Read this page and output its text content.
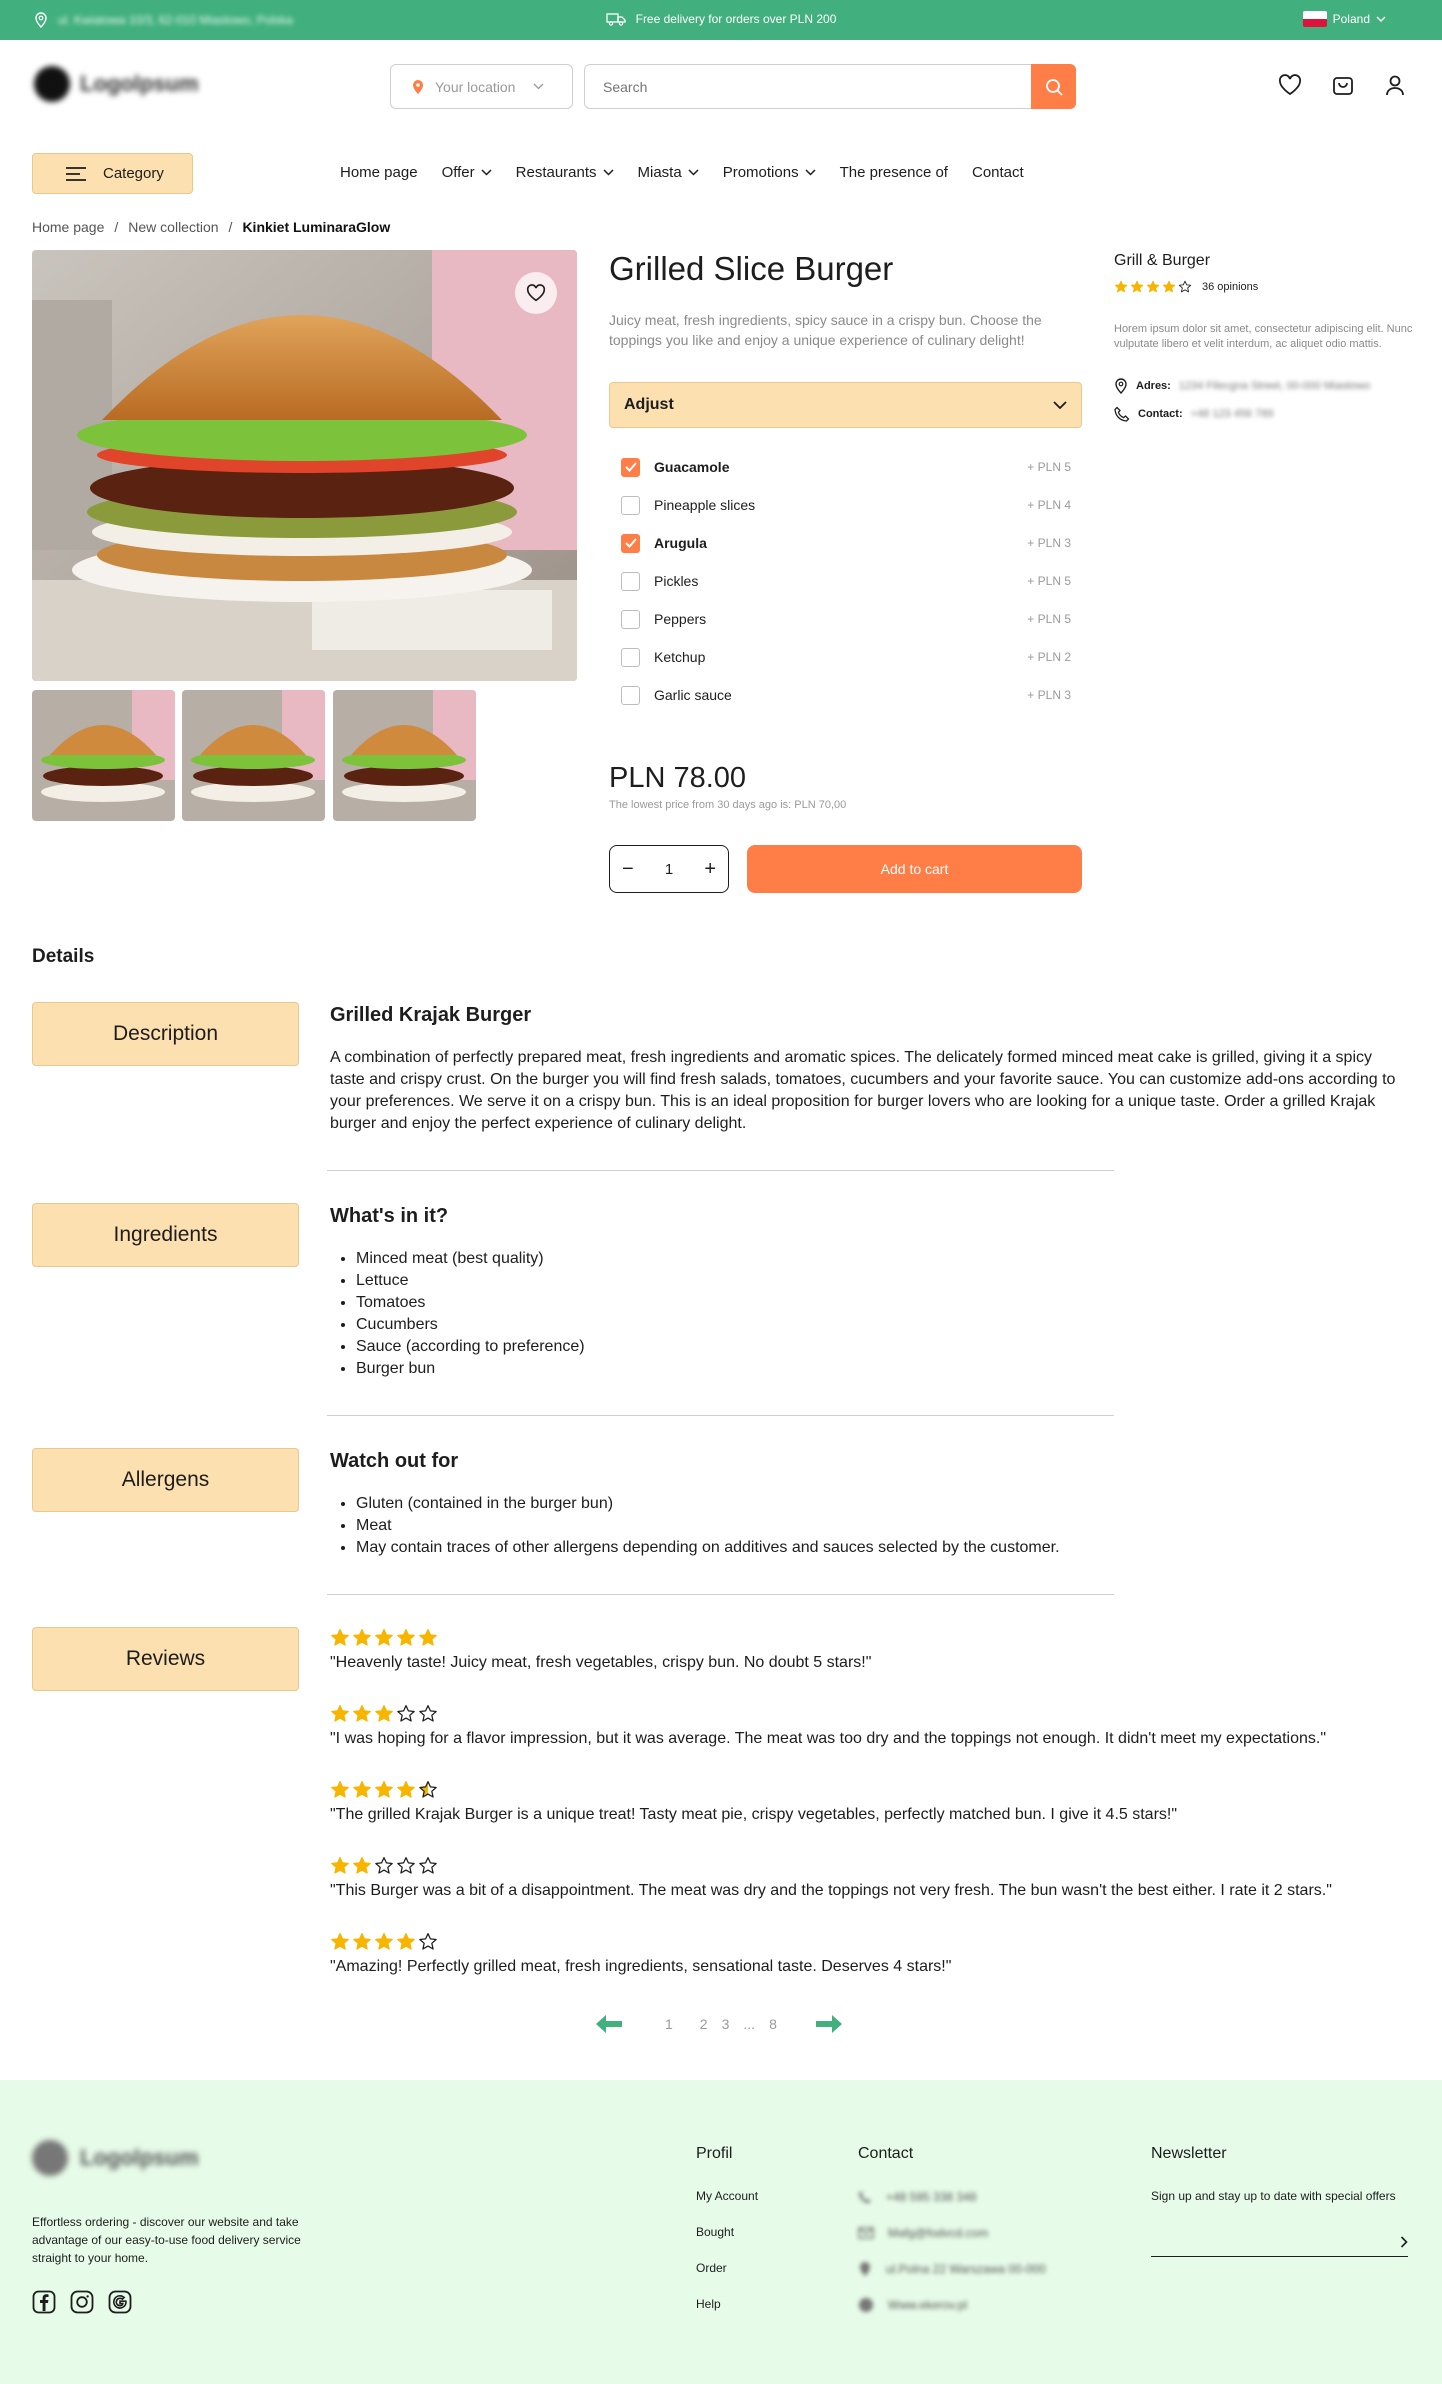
ul. Kwiatowa 10/3, 62-010 Miastowo, Polska	Free delivery for orders over PLN 200	Poland
Logolpsum	Your location
Search
Category	Home page Offer	Restaurants	Miasta	Promotions	The presence of Contact
Home page / New collection / Kinkiet LuminaraGlow
Grilled Slice Burger

Juicy meat, fresh ingredients, spicy sauce in a crispy bun. Choose the toppings you like and enjoy a unique experience of culinary delight!

Adjust
Guacamole	+ PLN 5
Pineapple slices	+ PLN 4
Arugula	+ PLN 3
Pickles	+ PLN 5
Peppers	+ PLN 5
Ketchup	+ PLN 2
Garlic sauce	+ PLN 3
PLN 78.00
The lowest price from 30 days ago is: PLN 70,00
− 1 +	Add to cart
Grill & Burger
36 opinions
Horem ipsum dolor sit amet, consectetur adipiscing elit. Nunc vulputate libero et velit interdum, ac aliquet odio mattis.
Adres: 1234 Filecgna Street, 00-000 Miastowo
Contact: +48 123 456 789
Details
Description
Grilled Krajak Burger

A combination of perfectly prepared meat, fresh ingredients and aromatic spices. The delicately formed minced meat cake is grilled, giving it a spicy taste and crispy crust. On the burger you will find fresh salads, tomatoes, cucumbers and your favorite sauce. You can customize add-ons according to your preferences. We serve it on a crispy bun. This is an ideal proposition for burger lovers who are looking for a unique taste. Order a grilled Krajak burger and enjoy the perfect experience of culinary delight.

Ingredients
What's in it?
• Minced meat (best quality)
• Lettuce
• Tomatoes
• Cucumbers
• Sauce (according to preference)
• Burger bun
Allergens
Watch out for
• Gluten (contained in the burger bun)
• Meat
• May contain traces of other allergens depending on additives and sauces selected by the customer.
Reviews	"Heavenly taste! Juicy meat, fresh vegetables, crispy bun. No doubt 5 stars!"
"I was hoping for a flavor impression, but it was average. The meat was too dry and the toppings not enough. It didn't meet my expectations."
"The grilled Krajak Burger is a unique treat! Tasty meat pie, crispy vegetables, perfectly matched bun. I give it 4.5 stars!"
"This Burger was a bit of a disappointment. The meat was dry and the toppings not very fresh. The bun wasn't the best either. I rate it 2 stars."
"Amazing! Perfectly grilled meat, fresh ingredients, sensational taste. Deserves 4 stars!"
1 2 3 ... 8
Logolpsum
Effortless ordering - discover our website and take advantage of our easy-to-use food delivery service straight to your home.
Profil
My Account
Bought
Order
Help
Contact
+48 595 338 348
Mafg@fodvcd.com
ul.Polna 22 Warszawa 00-000
Www.ekerov.pl
Newsletter
Sign up and stay up to date with special offers
